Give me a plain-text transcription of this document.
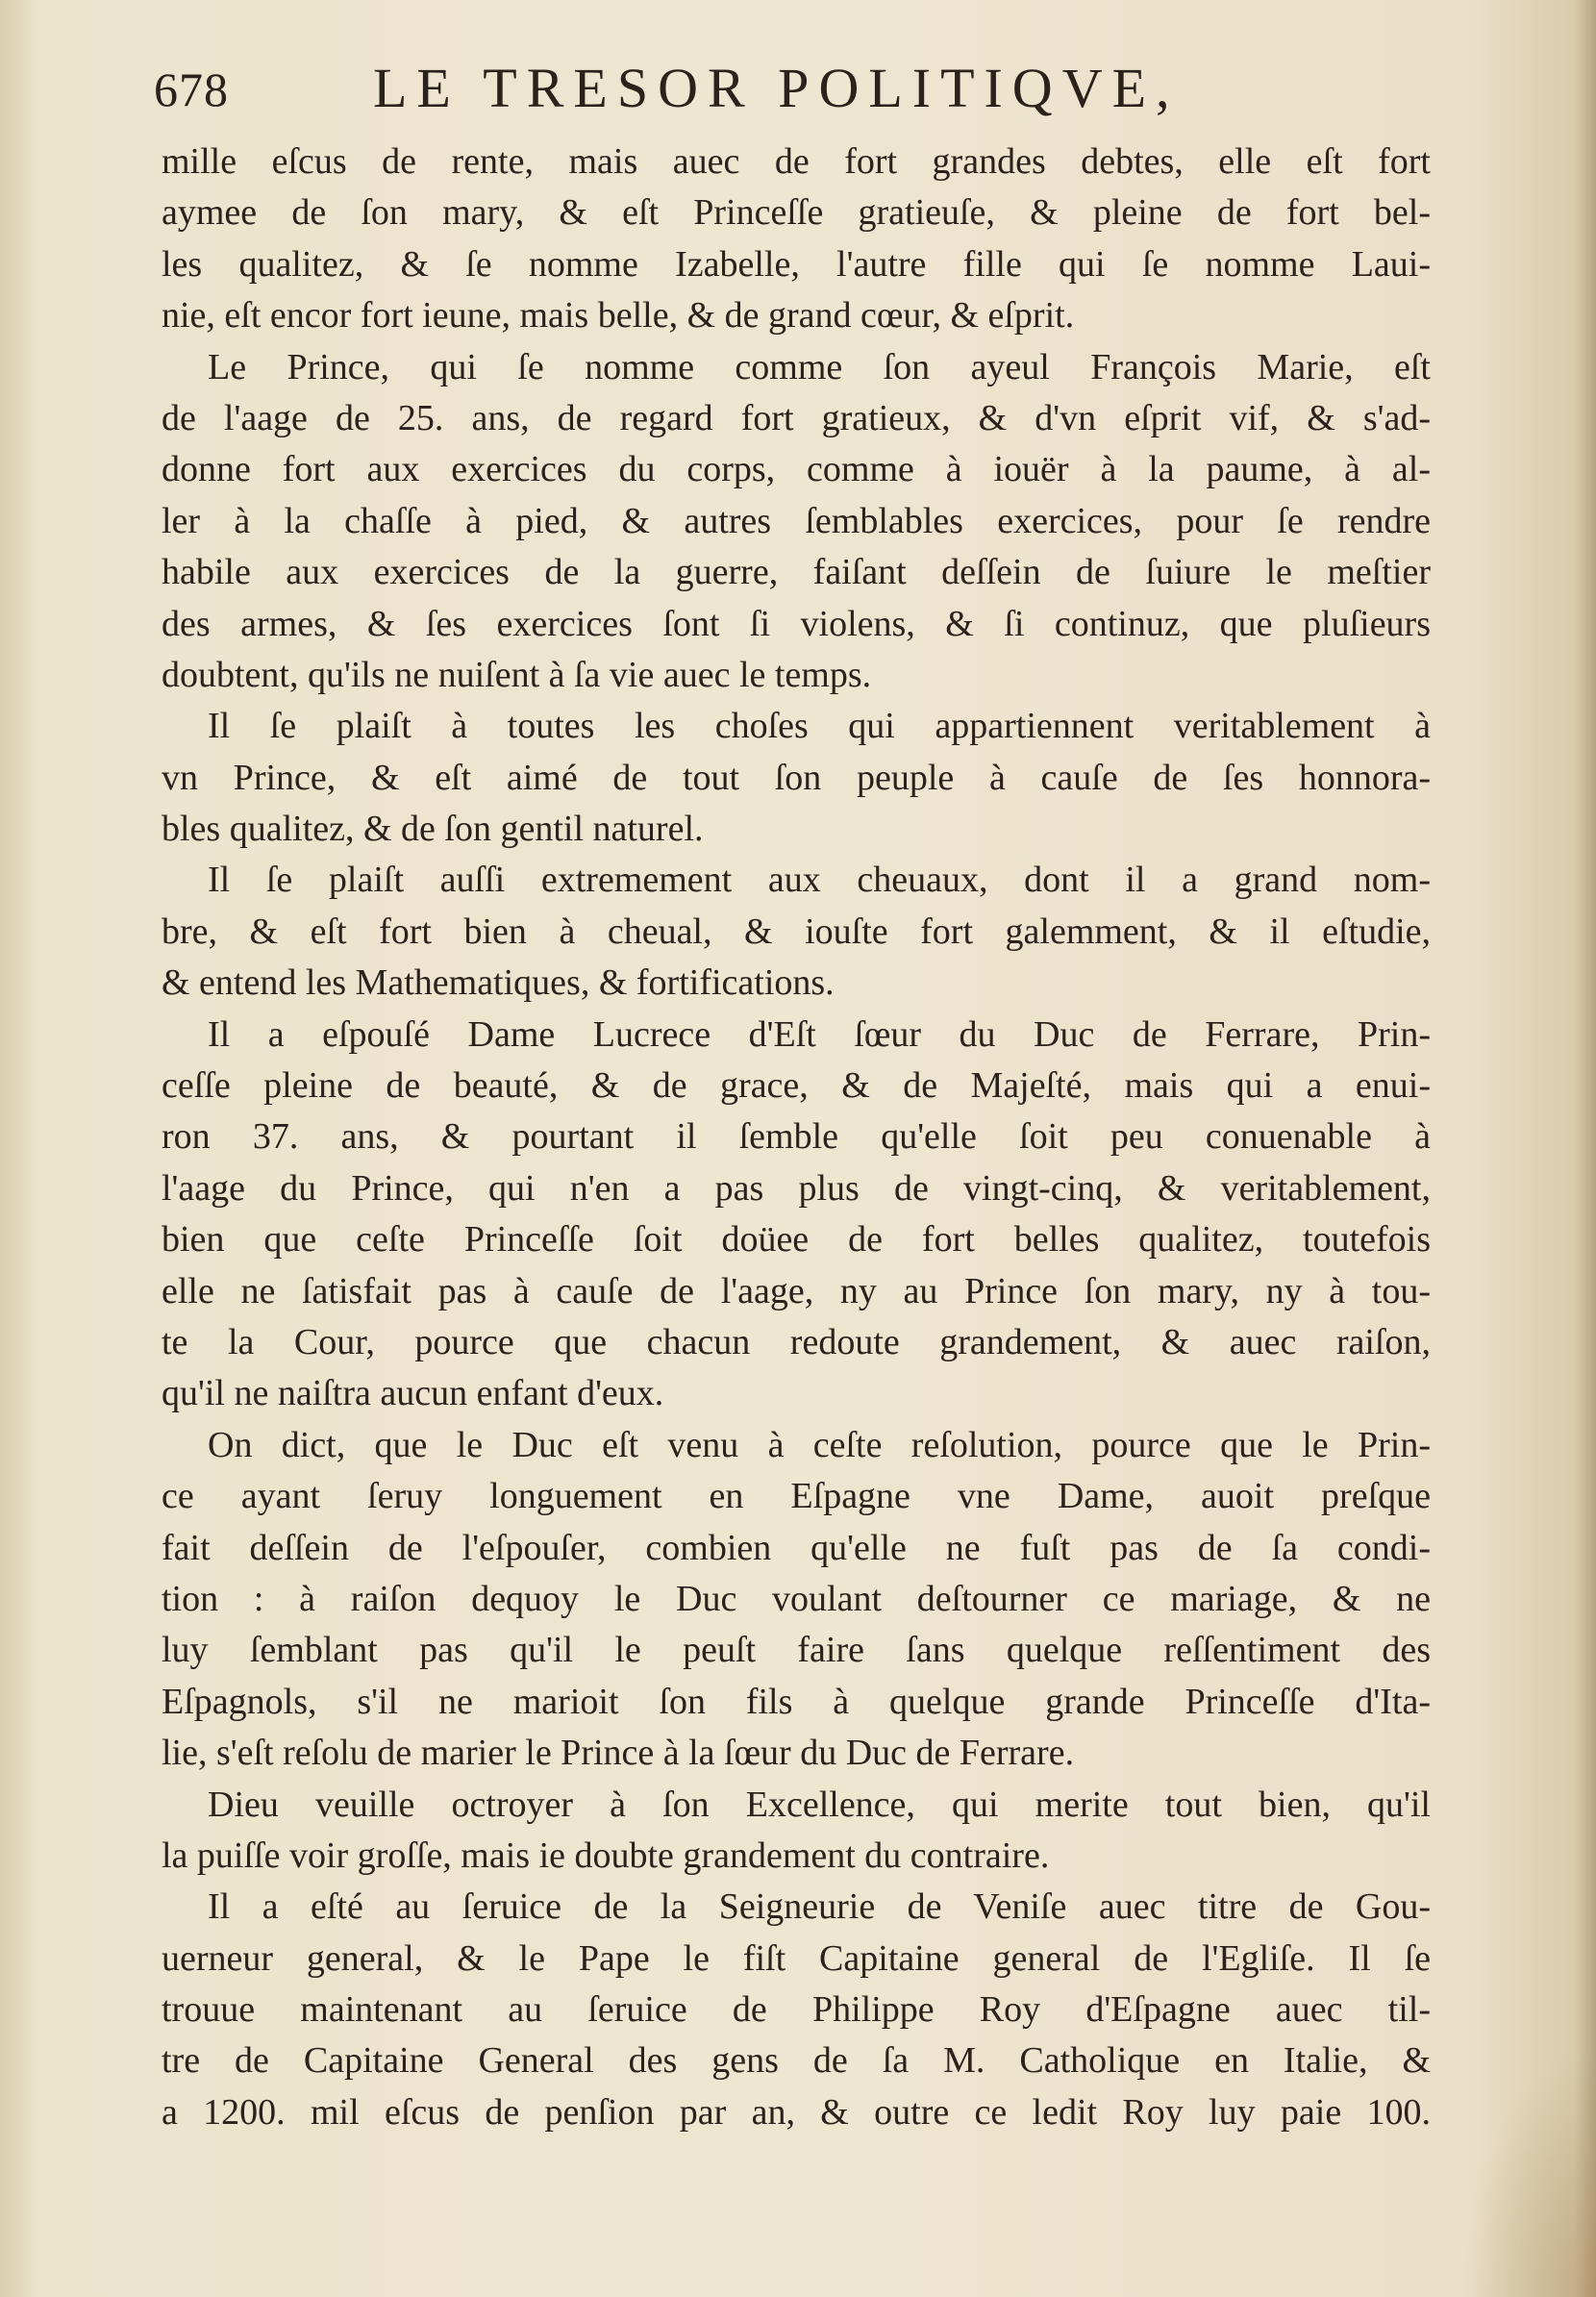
678	LE TRESOR POLITIQVE,
mille eſcus de rente, mais auec de fort grandes debtes, elle eſt fort
aymee de ſon mary, & eſt Princeſſe gratieuſe, & pleine de fort bel-
les qualitez, & ſe nomme Izabelle, l'autre fille qui ſe nomme Laui-
nie, eſt encor fort ieune, mais belle, & de grand cœur, & eſprit.
Le Prince, qui ſe nomme comme ſon ayeul François Marie, eſt
de l'aage de 25. ans, de regard fort gratieux, & d'vn eſprit vif, & s'ad-
donne fort aux exercices du corps, comme à iouër à la paume, à al-
ler à la chaſſe à pied, & autres ſemblables exercices, pour ſe rendre
habile aux exercices de la guerre, faiſant deſſein de ſuiure le meſtier
des armes, & ſes exercices ſont ſi violens, & ſi continuz, que pluſieurs
doubtent, qu'ils ne nuiſent à ſa vie auec le temps.
Il ſe plaiſt à toutes les choſes qui appartiennent veritablement à
vn Prince, & eſt aimé de tout ſon peuple à cauſe de ſes honnora-
bles qualitez, & de ſon gentil naturel.
Il ſe plaiſt auſſi extremement aux cheuaux, dont il a grand nom-
bre, & eſt fort bien à cheual, & iouſte fort galemment, & il eſtudie,
& entend les Mathematiques, & fortifications.
Il a eſpouſé Dame Lucrece d'Eſt ſœur du Duc de Ferrare, Prin-
ceſſe pleine de beauté, & de grace, & de Majeſté, mais qui a enui-
ron 37. ans, & pourtant il ſemble qu'elle ſoit peu conuenable à
l'aage du Prince, qui n'en a pas plus de vingt-cinq, & veritablement,
bien que ceſte Princeſſe ſoit doüee de fort belles qualitez, toutefois
elle ne ſatisfait pas à cauſe de l'aage, ny au Prince ſon mary, ny à tou-
te la Cour, pource que chacun redoute grandement, & auec raiſon,
qu'il ne naiſtra aucun enfant d'eux.
On dict, que le Duc eſt venu à ceſte reſolution, pource que le Prin-
ce ayant ſeruy longuement en Eſpagne vne Dame, auoit preſque
fait deſſein de l'eſpouſer, combien qu'elle ne fuſt pas de ſa condi-
tion : à raiſon dequoy le Duc voulant deſtourner ce mariage, & ne
luy ſemblant pas qu'il le peuſt faire ſans quelque reſſentiment des
Eſpagnols, s'il ne marioit ſon fils à quelque grande Princeſſe d'Ita-
lie, s'eſt reſolu de marier le Prince à la ſœur du Duc de Ferrare.
Dieu veuille octroyer à ſon Excellence, qui merite tout bien, qu'il
la puiſſe voir groſſe, mais ie doubte grandement du contraire.
Il a eſté au ſeruice de la Seigneurie de Veniſe auec titre de Gou-
uerneur general, & le Pape le fiſt Capitaine general de l'Egliſe. Il ſe
trouue maintenant au ſeruice de Philippe Roy d'Eſpagne auec til-
tre de Capitaine General des gens de ſa M. Catholique en Italie, &
a 1200. mil eſcus de penſion par an, & outre ce ledit Roy luy paie 100.
